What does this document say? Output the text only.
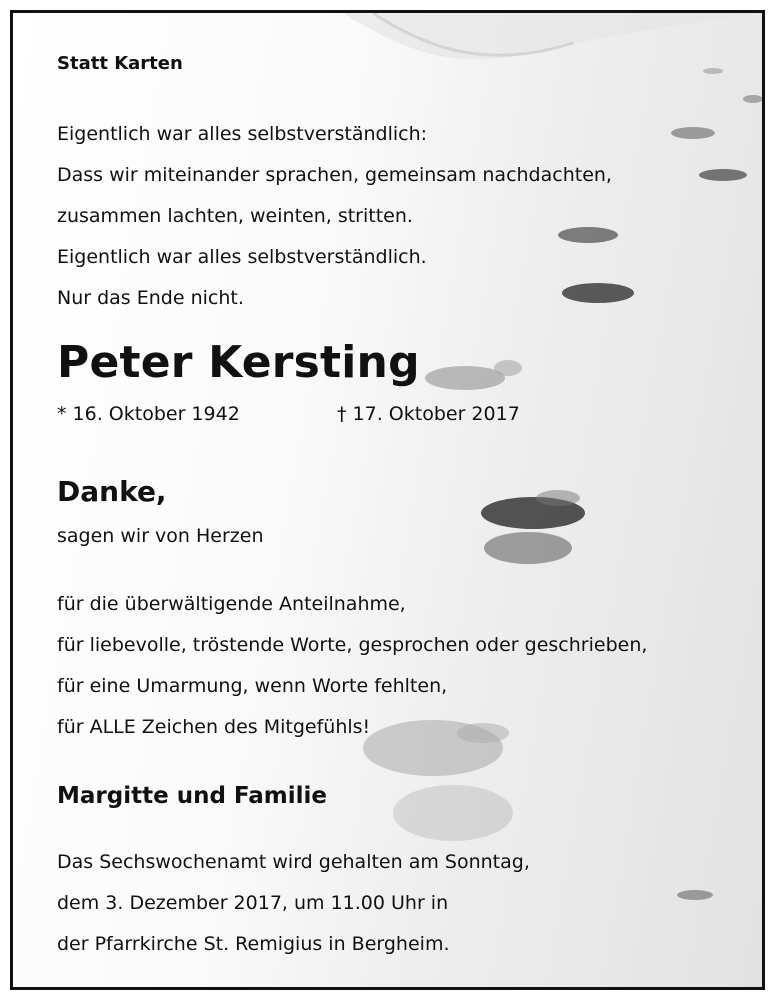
Statt Karten
Eigentlich war alles selbstverständlich:
Dass wir miteinander sprachen, gemeinsam nachdachten,
zusammen lachten, weinten, stritten.
Eigentlich war alles selbstverständlich.
Nur das Ende nicht.
Peter Kersting
* 16. Oktober 1942	† 17. Oktober 2017
Danke,
sagen wir von Herzen
für die überwältigende Anteilnahme,
für liebevolle, tröstende Worte, gesprochen oder geschrieben,
für eine Umarmung, wenn Worte fehlten,
für ALLE Zeichen des Mitgefühls!
Margitte und Familie
Das Sechswochenamt wird gehalten am Sonntag,
dem 3. Dezember 2017, um 11.00 Uhr in
der Pfarrkirche St. Remigius in Bergheim.
